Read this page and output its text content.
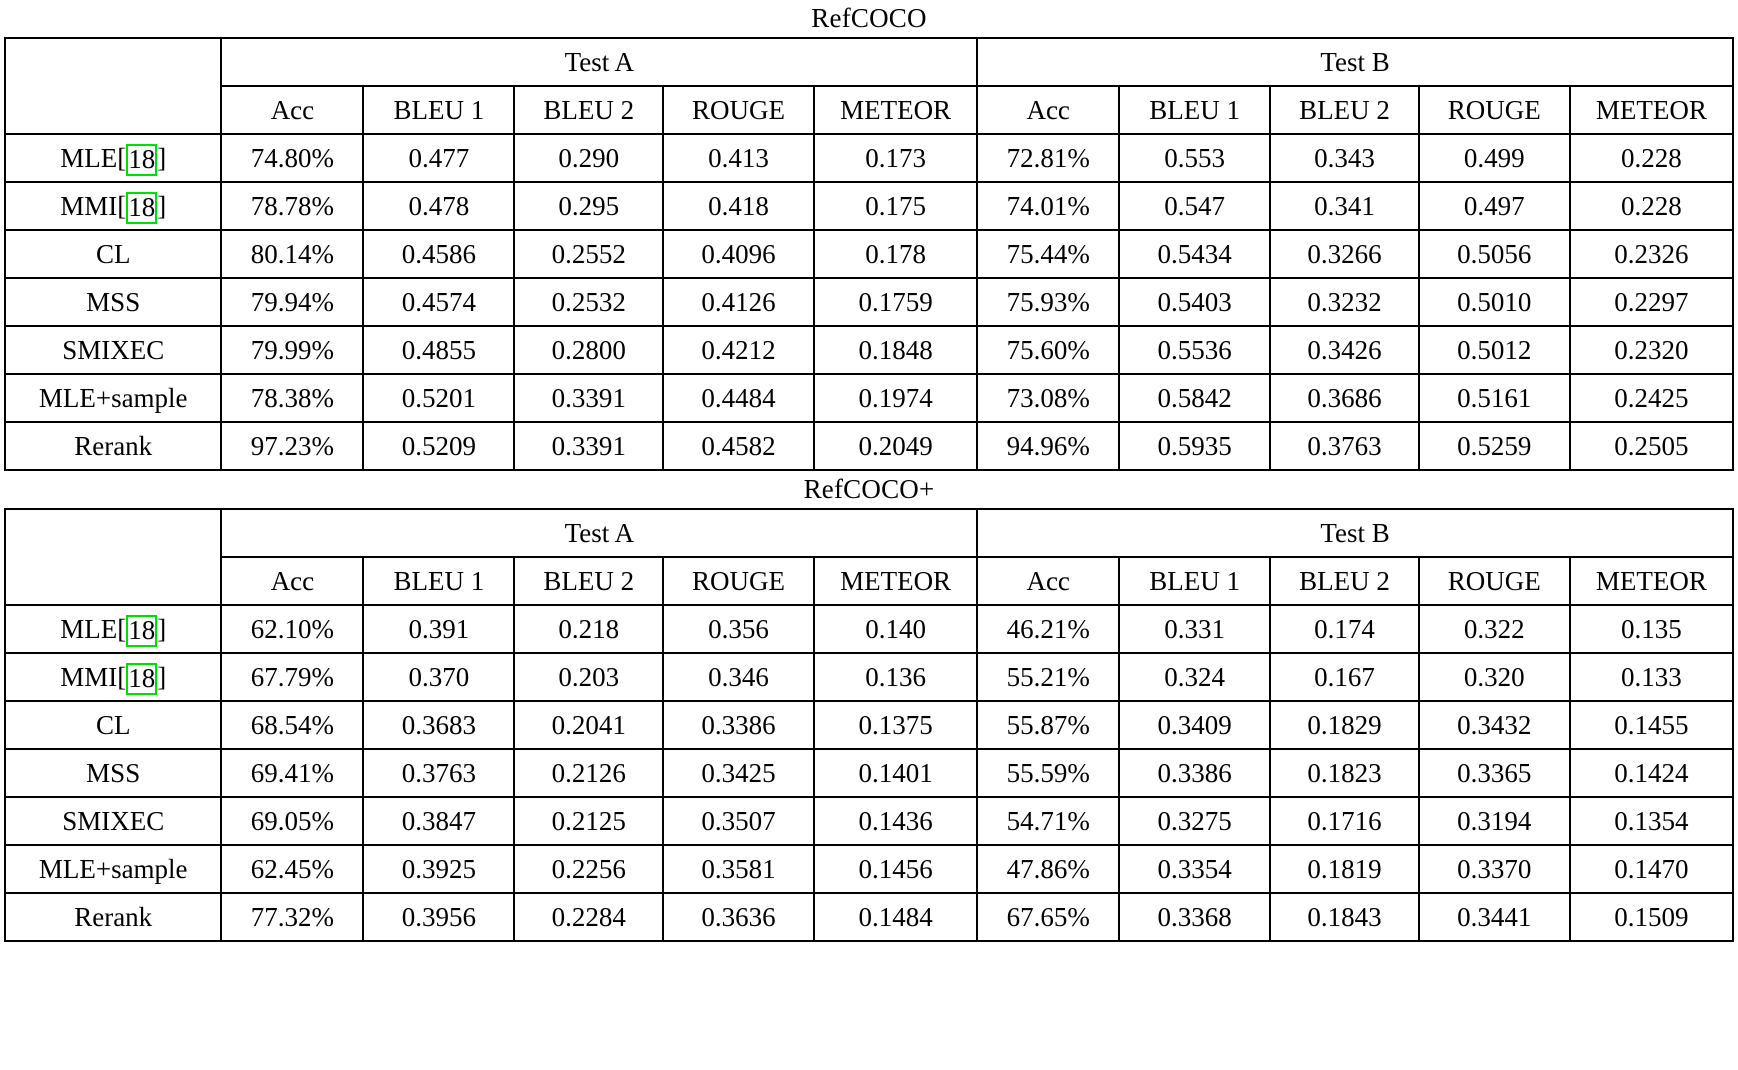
RefCOCO
	Test A					Test B				
	Acc	BLEU 1	BLEU 2	ROUGE	METEOR	Acc	BLEU 1	BLEU 2	ROUGE	METEOR
MLE[18]	74.80%	0.477	0.290	0.413	0.173	72.81%	0.553	0.343	0.499	0.228
MMI[18]	78.78%	0.478	0.295	0.418	0.175	74.01%	0.547	0.341	0.497	0.228
CL	80.14%	0.4586	0.2552	0.4096	0.178	75.44%	0.5434	0.3266	0.5056	0.2326
MSS	79.94%	0.4574	0.2532	0.4126	0.1759	75.93%	0.5403	0.3232	0.5010	0.2297
SMIXEC	79.99%	0.4855	0.2800	0.4212	0.1848	75.60%	0.5536	0.3426	0.5012	0.2320
MLE+sample	78.38%	0.5201	0.3391	0.4484	0.1974	73.08%	0.5842	0.3686	0.5161	0.2425
Rerank	97.23%	0.5209	0.3391	0.4582	0.2049	94.96%	0.5935	0.3763	0.5259	0.2505
RefCOCO+
	Test A					Test B				
	Acc	BLEU 1	BLEU 2	ROUGE	METEOR	Acc	BLEU 1	BLEU 2	ROUGE	METEOR
MLE[18]	62.10%	0.391	0.218	0.356	0.140	46.21%	0.331	0.174	0.322	0.135
MMI[18]	67.79%	0.370	0.203	0.346	0.136	55.21%	0.324	0.167	0.320	0.133
CL	68.54%	0.3683	0.2041	0.3386	0.1375	55.87%	0.3409	0.1829	0.3432	0.1455
MSS	69.41%	0.3763	0.2126	0.3425	0.1401	55.59%	0.3386	0.1823	0.3365	0.1424
SMIXEC	69.05%	0.3847	0.2125	0.3507	0.1436	54.71%	0.3275	0.1716	0.3194	0.1354
MLE+sample	62.45%	0.3925	0.2256	0.3581	0.1456	47.86%	0.3354	0.1819	0.3370	0.1470
Rerank	77.32%	0.3956	0.2284	0.3636	0.1484	67.65%	0.3368	0.1843	0.3441	0.1509
